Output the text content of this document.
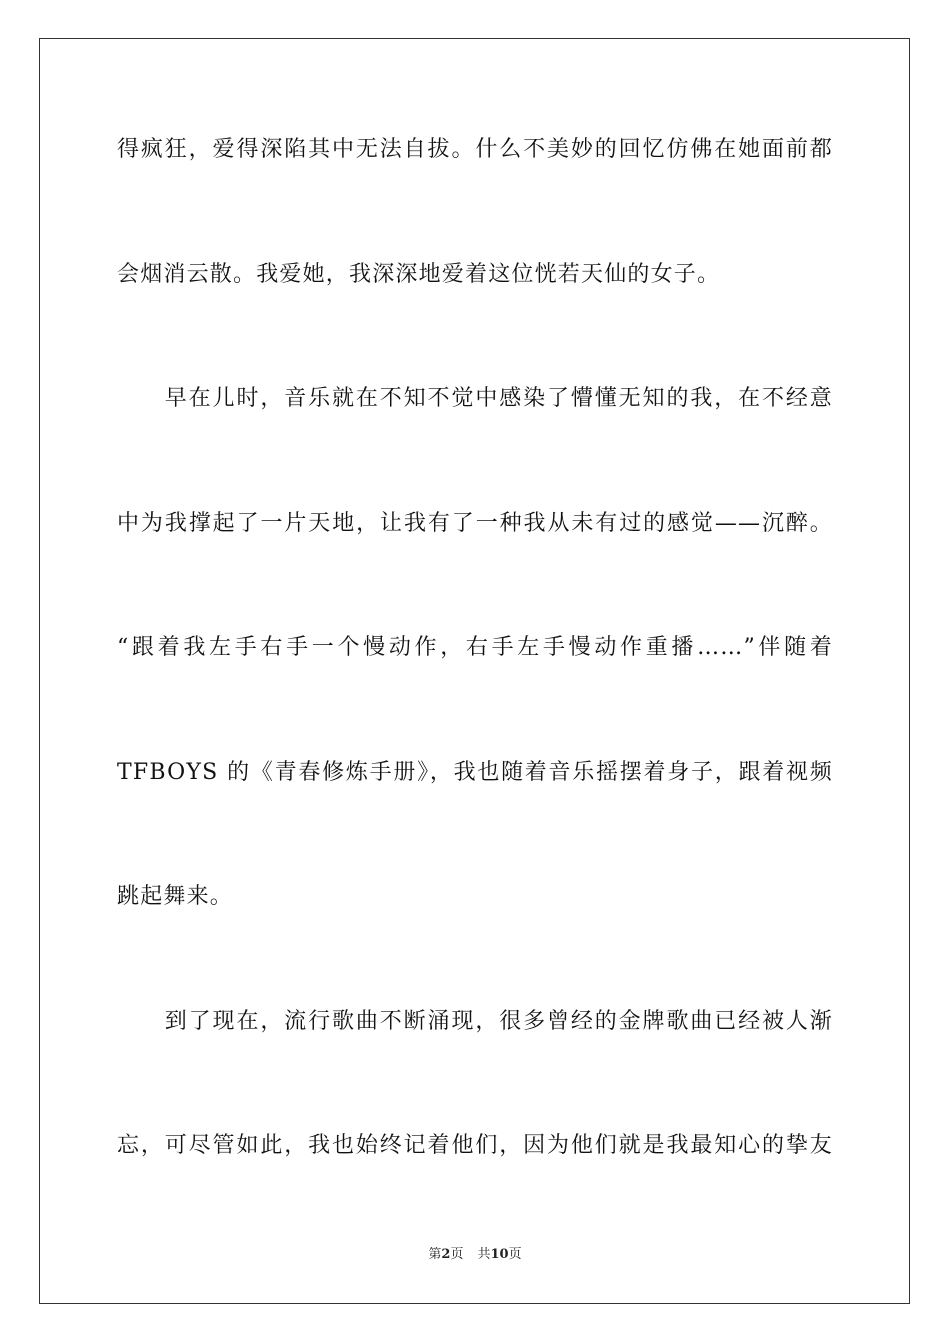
得疯狂，爱得深陷其中无法自拔。什么不美妙的回忆仿佛在她面前都
会烟消云散。我爱她，我深深地爱着这位恍若天仙的女子。
　　早在儿时，音乐就在不知不觉中感染了懵懂无知的我，在不经意
中为我撑起了一片天地，让我有了一种我从未有过的感觉——沉醉。
“跟着我左手右手一个慢动作，右手左手慢动作重播……”伴随着
TFBOYS 的《青春修炼手册》，我也随着音乐摇摆着身子，跟着视频
跳起舞来。
　　到了现在，流行歌曲不断涌现，很多曾经的金牌歌曲已经被人渐
忘，可尽管如此，我也始终记着他们，因为他们就是我最知心的挚友
第2页 共10页
